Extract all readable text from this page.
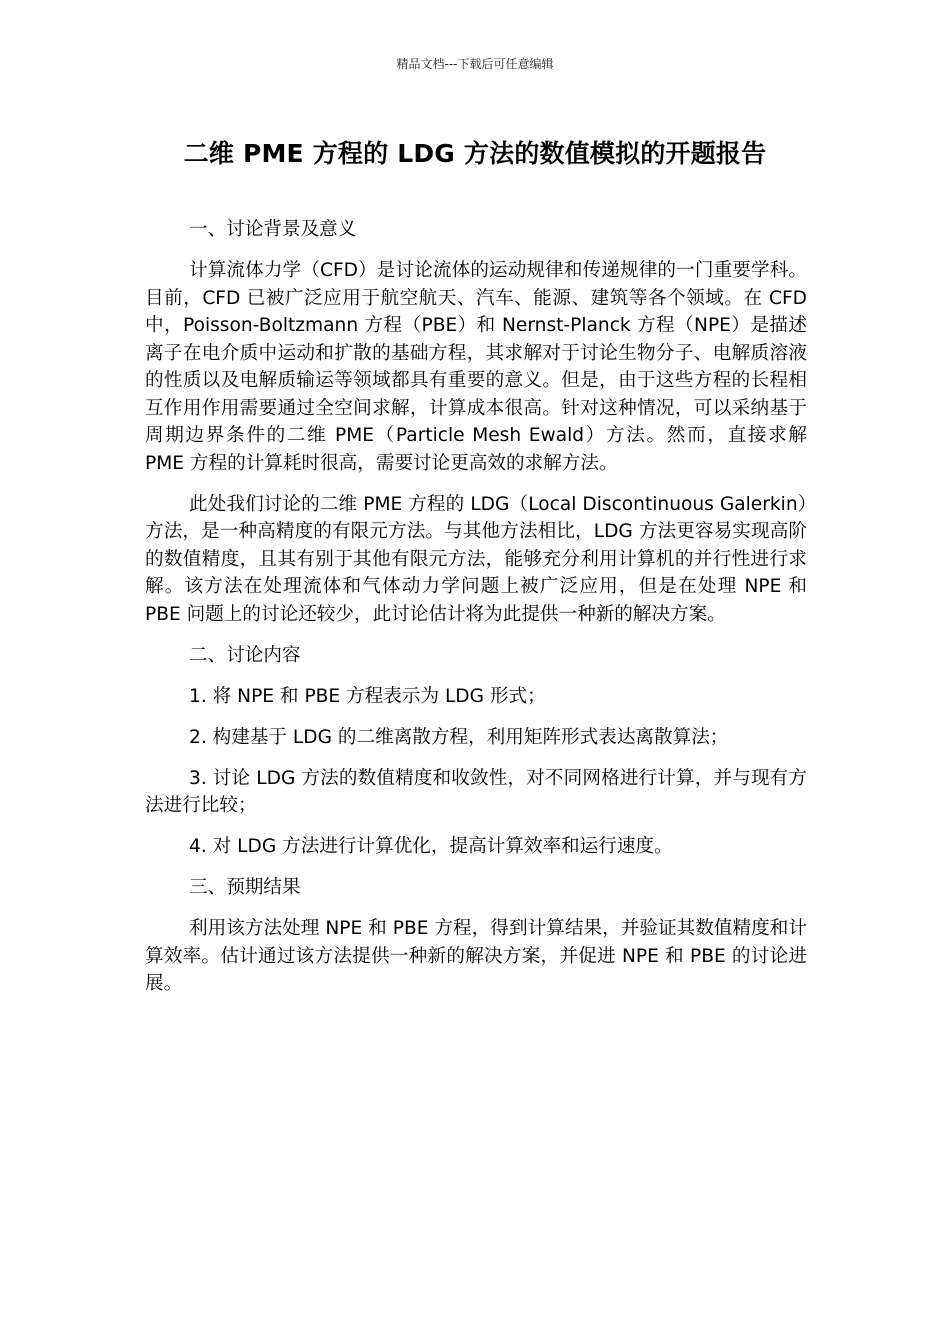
精品文档---下载后可任意编辑
二维 PME 方程的 LDG 方法的数值模拟的开题报告

一、讨论背景及意义

计算流体力学（CFD）是讨论流体的运动规律和传递规律的一门重要学科。目前，CFD 已被广泛应用于航空航天、汽车、能源、建筑等各个领域。在 CFD 中，Poisson-Boltzmann 方程（PBE）和 Nernst-Planck 方程（NPE）是描述离子在电介质中运动和扩散的基础方程，其求解对于讨论生物分子、电解质溶液的性质以及电解质输运等领域都具有重要的意义。但是，由于这些方程的长程相互作用作用需要通过全空间求解，计算成本很高。针对这种情况，可以采纳基于周期边界条件的二维 PME（Particle Mesh Ewald）方法。然而，直接求解 PME 方程的计算耗时很高，需要讨论更高效的求解方法。

此处我们讨论的二维 PME 方程的 LDG（Local Discontinuous Galerkin）方法，是一种高精度的有限元方法。与其他方法相比，LDG 方法更容易实现高阶的数值精度，且其有别于其他有限元方法，能够充分利用计算机的并行性进行求解。该方法在处理流体和气体动力学问题上被广泛应用，但是在处理 NPE 和 PBE 问题上的讨论还较少，此讨论估计将为此提供一种新的解决方案。

二、讨论内容

1. 将 NPE 和 PBE 方程表示为 LDG 形式；

2. 构建基于 LDG 的二维离散方程，利用矩阵形式表达离散算法；

3. 讨论 LDG 方法的数值精度和收敛性，对不同网格进行计算，并与现有方法进行比较；

4. 对 LDG 方法进行计算优化，提高计算效率和运行速度。

三、预期结果

利用该方法处理 NPE 和 PBE 方程，得到计算结果，并验证其数值精度和计算效率。估计通过该方法提供一种新的解决方案，并促进 NPE 和 PBE 的讨论进展。
